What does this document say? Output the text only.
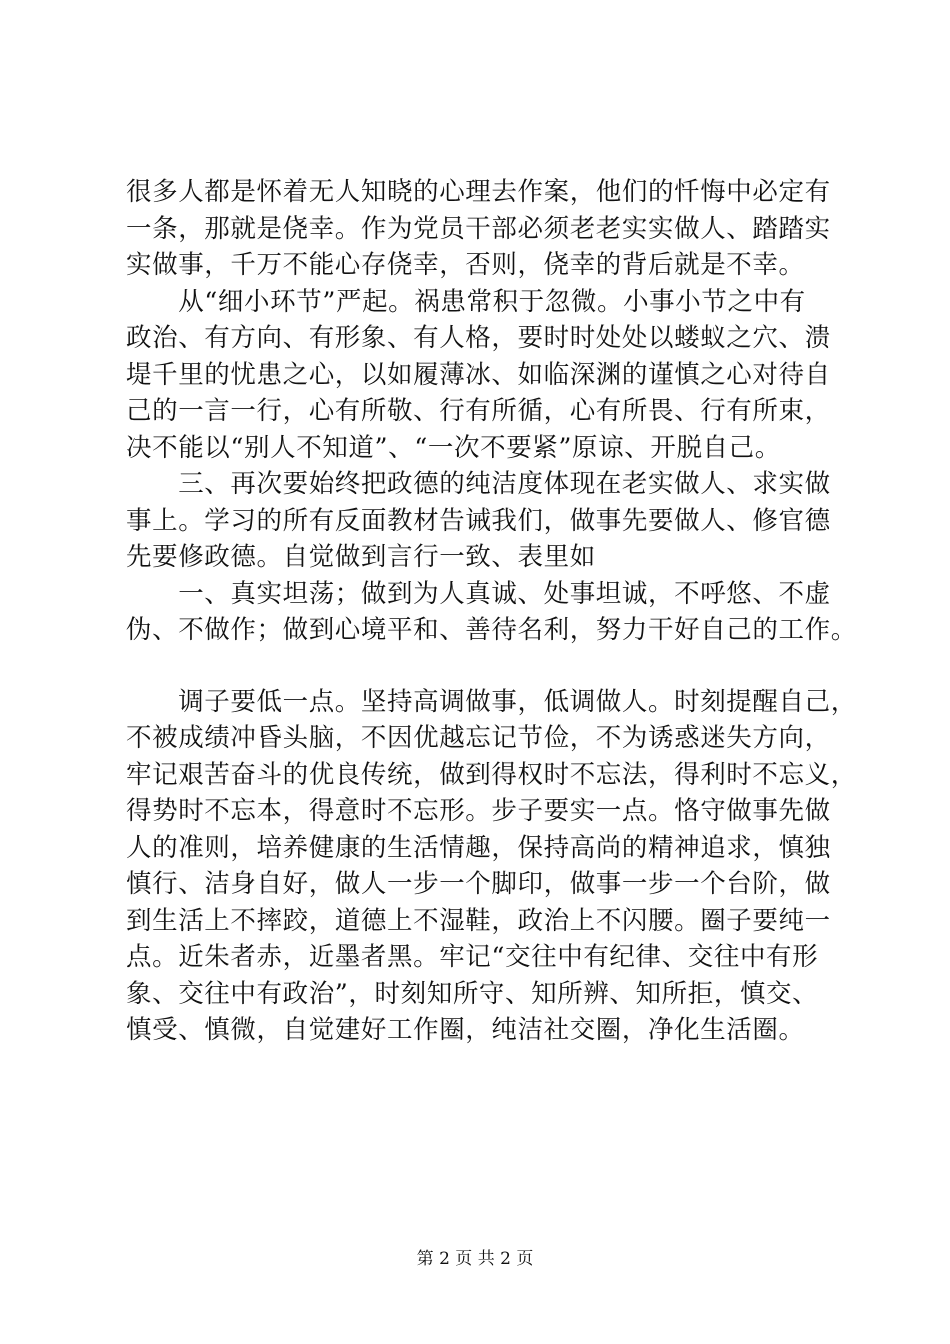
很多人都是怀着无人知晓的心理去作案，他们的忏悔中必定有
一条，那就是侥幸。作为党员干部必须老老实实做人、踏踏实
实做事，千万不能心存侥幸，否则，侥幸的背后就是不幸。
　　从“细小环节”严起。祸患常积于忽微。小事小节之中有
政治、有方向、有形象、有人格，要时时处处以蝼蚁之穴、溃
堤千里的忧患之心，以如履薄冰、如临深渊的谨慎之心对待自
己的一言一行，心有所敬、行有所循，心有所畏、行有所束，
决不能以“别人不知道”、“一次不要紧”原谅、开脱自己。
　　三、再次要始终把政德的纯洁度体现在老实做人、求实做
事上。学习的所有反面教材告诫我们，做事先要做人、修官德
先要修政德。自觉做到言行一致、表里如
　　一、真实坦荡；做到为人真诚、处事坦诚，不呼悠、不虚
伪、不做作；做到心境平和、善待名利，努力干好自己的工作。
　　调子要低一点。坚持高调做事，低调做人。时刻提醒自己，
不被成绩冲昏头脑，不因优越忘记节俭，不为诱惑迷失方向，
牢记艰苦奋斗的优良传统，做到得权时不忘法，得利时不忘义，
得势时不忘本，得意时不忘形。步子要实一点。恪守做事先做
人的准则，培养健康的生活情趣，保持高尚的精神追求，慎独
慎行、洁身自好，做人一步一个脚印，做事一步一个台阶，做
到生活上不摔跤，道德上不湿鞋，政治上不闪腰。圈子要纯一
点。近朱者赤，近墨者黑。牢记“交往中有纪律、交往中有形
象、交往中有政治”，时刻知所守、知所辨、知所拒，慎交、
慎受、慎微，自觉建好工作圈，纯洁社交圈，净化生活圈。
第 2 页 共 2 页
